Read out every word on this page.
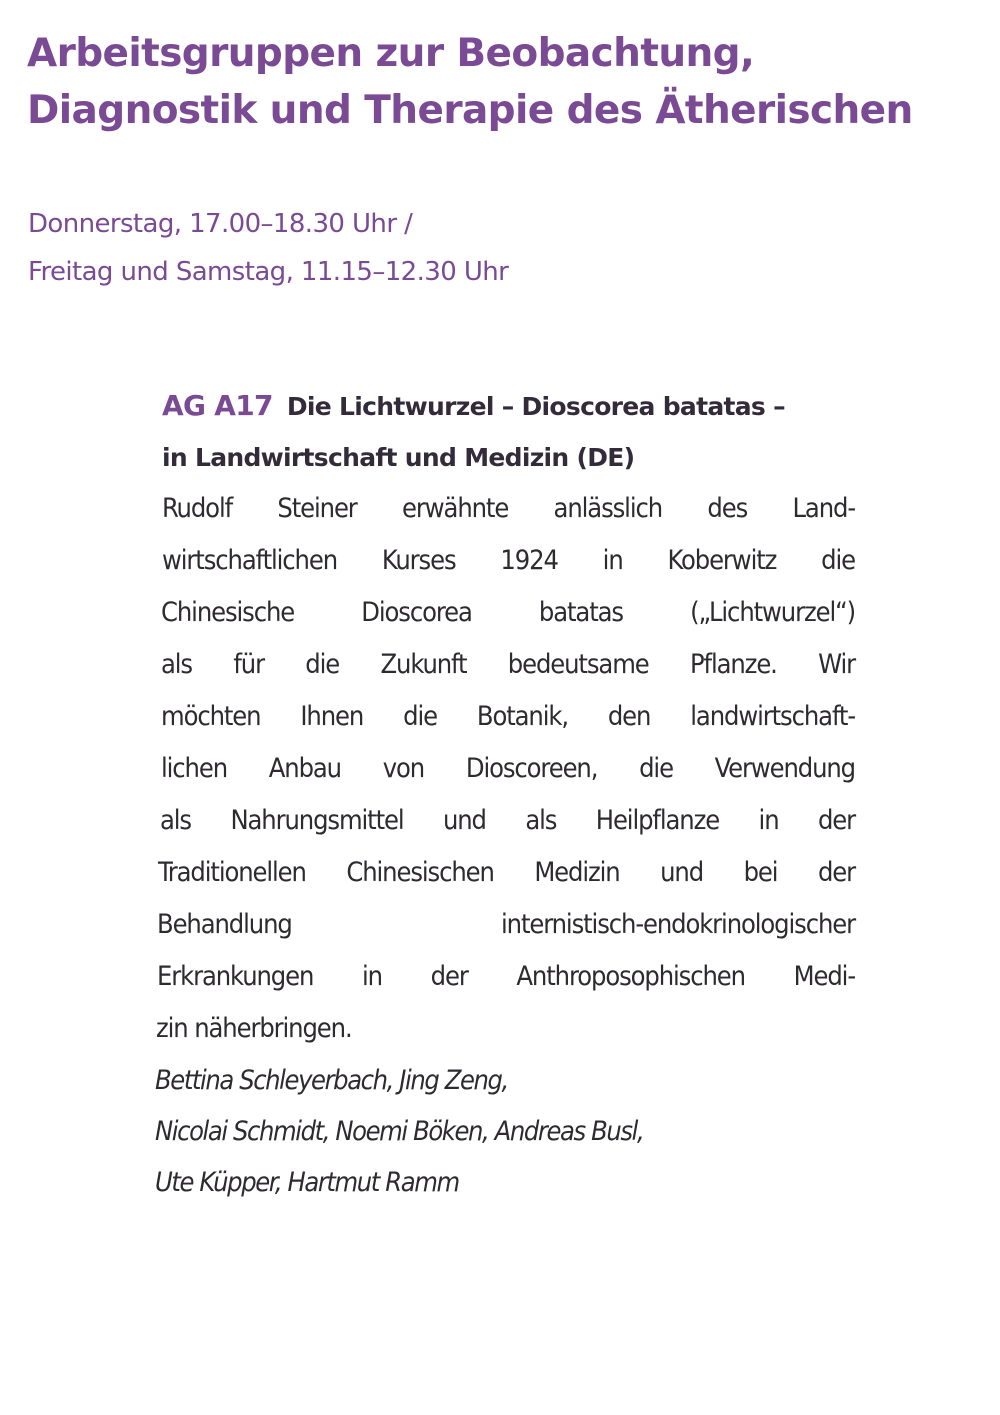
Arbeitsgruppen zur Beobachtung,
Diagnostik und Therapie des Ätherischen
Donnerstag, 17.00–18.30 Uhr /
Freitag und Samstag, 11.15–12.30 Uhr
AG A17 Die Lichtwurzel – Dioscorea batatas –
in Landwirtschaft und Medizin (DE)
Rudolf Steiner erwähnte anlässlich des Land-
wirtschaftlichen Kurses 1924 in Koberwitz die
Chinesische Dioscorea batatas („Lichtwurzel“)
als für die Zukunft bedeutsame Pflanze. Wir
möchten Ihnen die Botanik, den landwirtschaft-
lichen Anbau von Dioscoreen, die Verwendung
als Nahrungsmittel und als Heilpflanze in der
Traditionellen Chinesischen Medizin und bei der
Behandlung internistisch-endokrinologischer
Erkrankungen in der Anthroposophischen Medi-
zin näherbringen.
Bettina Schleyerbach, Jing Zeng,
Nicolai Schmidt, Noemi Böken, Andreas Busl,
Ute Küpper, Hartmut Ramm
